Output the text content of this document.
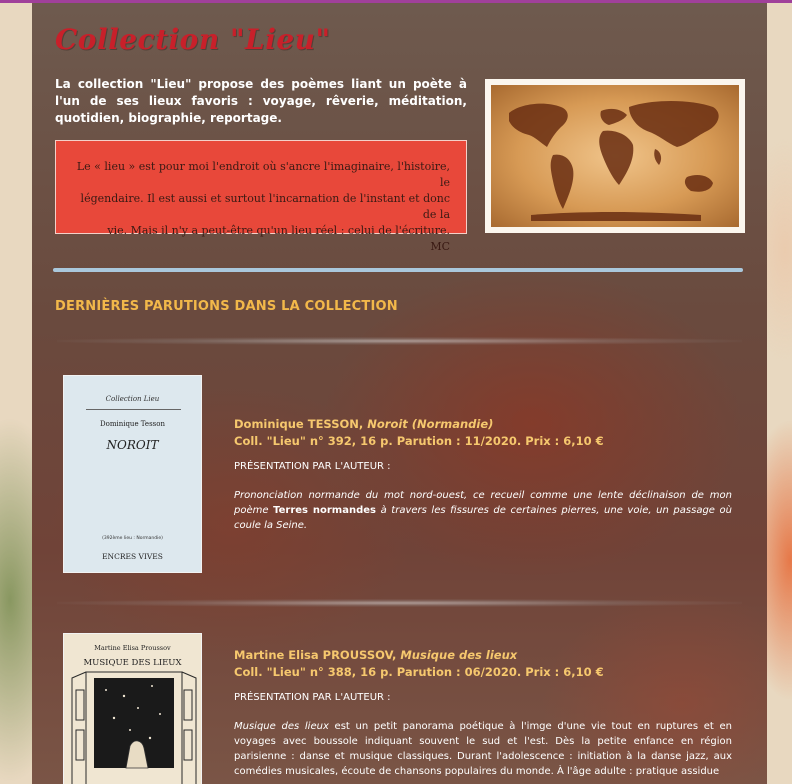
Collection "Lieu"

La collection "Lieu" propose des poèmes liant un poète à l'un de ses lieux favoris : voyage, rêverie, méditation, quotidien, biographie, reportage.

Le « lieu » est pour moi l'endroit où s'ancre l'imaginaire, l'histoire, le
légendaire. Il est aussi et surtout l'incarnation de l'instant et donc de la
vie. Mais il n'y a peut-être qu'un lieu réel : celui de l'écriture.
MC
DERNIÈRES PARUTIONS DANS LA COLLECTION
Collection Lieu
Dominique Tesson
NOROIT
(392ème lieu : Normandie)
ENCRES VIVES
Dominique TESSON, Noroit (Normandie)
Coll. "Lieu" n° 392, 16 p. Parution : 11/2020. Prix : 6,10 €
PRÉSENTATION PAR L'AUTEUR :
Prononciation normande du mot nord-ouest, ce recueil comme une lente déclinaison de mon poème Terres normandes à travers les fissures de certaines pierres, une voie, un passage où coule la Seine.
Martine Elisa Proussov
MUSIQUE DES LIEUX
Martine Elisa PROUSSOV, Musique des lieux
Coll. "Lieu" n° 388, 16 p. Parution : 06/2020. Prix : 6,10 €
PRÉSENTATION PAR L'AUTEUR :
Musique des lieux est un petit panorama poétique à l'imge d'une vie tout en ruptures et en voyages avec boussole indiquant souvent le sud et l'est. Dès la petite enfance en région parisienne : danse et musique classiques. Durant l'adolescence : initiation à la danse jazz, aux comédies musicales, écoute de chansons populaires du monde. À l'âge adulte : pratique assidue
